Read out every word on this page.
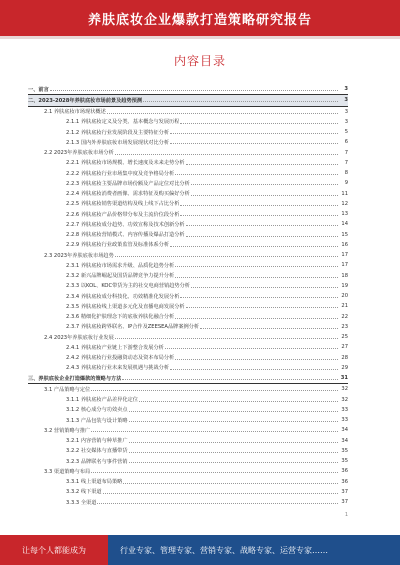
养肤底妆企业爆款打造策略研究报告
内容目录
一、前言	3
二、2023-2028年养肤底妆市场前景及趋势预测	3
2.1 养肤底妆市场现状概述	3
2.1.1 养肤底妆定义及分类、基本概念与发展历程	3
2.1.2 养肤底妆行业发展阶段及主要特征分析	5
2.1.3 国内外养肤底妆市场发展现状对比分析	6
2.2 2023年养肤底妆市场分析	7
2.2.1 养肤底妆市场规模、增长速度及未来走势分析	7
2.2.2 养肤底妆行业市场集中度及竞争格局分析	8
2.2.3 养肤底妆主要品牌市场份额及产品定位对比分析	9
2.2.4 养肤底妆消费者画像、需求特征及购买偏好分析	11
2.2.5 养肤底妆销售渠道结构及线上线下占比分析	12
2.2.6 养肤底妆产品价格带分布及主流价位段分析	13
2.2.7 养肤底妆成分趋势、功效宣称及技术创新分析	14
2.2.8 养肤底妆营销模式、内容传播及爆品打造分析	15
2.2.9 养肤底妆行业政策监管及标准体系分析	16
2.3 2023年养肤底妆市场趋势	17
2.3.1 养肤底妆市场需求升级、品质化趋势分析	17
2.3.2 新兴品牌崛起及国货品牌竞争力提升分析	18
2.3.3 以KOL、KOC带货为主的社交电商营销趋势分析	19
2.3.4 养肤底妆成分科技化、功效精准化发展分析	20
2.3.5 养肤底妆线上渠道多元化及直播电商发展分析	21
2.3.6 精细化护肤理念下的底妆养肤化融合分析	22
2.3.7 养肤底妆跨界联名、IP合作及ZEESEA品牌案例分析	23
2.4 2023年养肤底妆行业发展	25
2.4.1 养肤底妆产业链上下游整合发展分析	27
2.4.2 养肤底妆行业投融资动态及资本布局分析	28
2.4.3 养肤底妆行业未来发展机遇与挑战分析	29
三、养肤底妆企业打造爆款的策略与方法	31
3.1 产品策略与定位	32
3.1.1 养肤底妆产品差异化定位	32
3.1.2 核心成分与功效卖点	33
3.1.3 产品包装与设计策略	33
3.2 营销策略与推广	34
3.2.1 内容营销与种草推广	34
3.2.2 社交媒体与直播带货	35
3.2.3 品牌联名与事件营销	35
3.3 渠道策略与布局	36
3.3.1 线上渠道布局策略	36
3.3.2 线下渠道	37
3.3.3 全渠道	37
1
让每个人都能成为	行业专家、管理专家、营销专家、战略专家、运营专家……
